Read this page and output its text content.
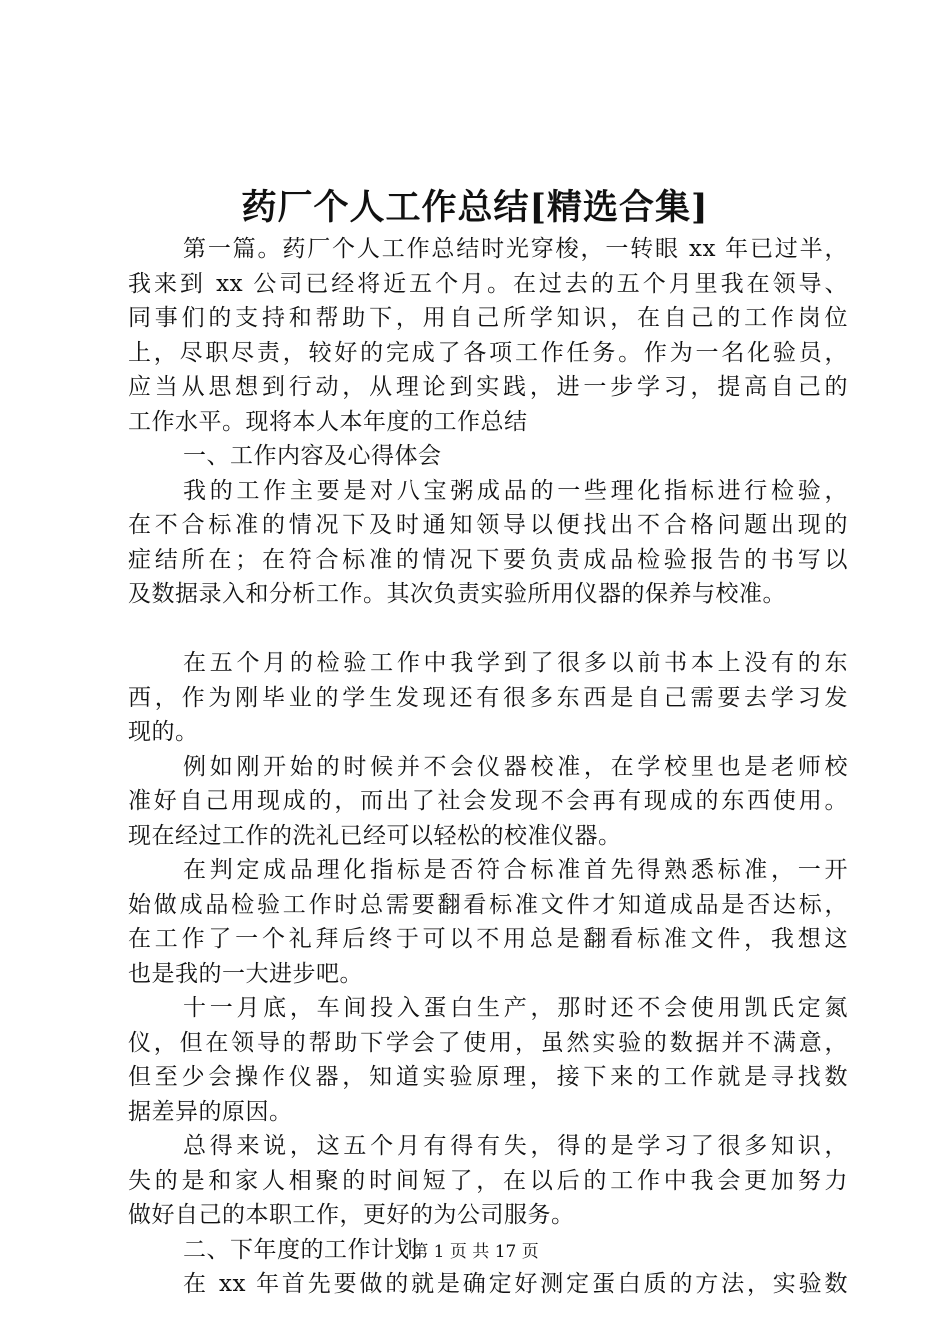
药厂个人工作总结[精选合集]
第一篇。药厂个人工作总结时光穿梭，一转眼 xx 年已过半，
我来到 xx 公司已经将近五个月。在过去的五个月里我在领导、
同事们的支持和帮助下，用自己所学知识，在自己的工作岗位
上，尽职尽责，较好的完成了各项工作任务。作为一名化验员，
应当从思想到行动，从理论到实践，进一步学习，提高自己的
工作水平。现将本人本年度的工作总结
一、工作内容及心得体会
我的工作主要是对八宝粥成品的一些理化指标进行检验，
在不合标准的情况下及时通知领导以便找出不合格问题出现的
症结所在；在符合标准的情况下要负责成品检验报告的书写以
及数据录入和分析工作。其次负责实验所用仪器的保养与校准。
在五个月的检验工作中我学到了很多以前书本上没有的东
西，作为刚毕业的学生发现还有很多东西是自己需要去学习发
现的。
例如刚开始的时候并不会仪器校准，在学校里也是老师校
准好自己用现成的，而出了社会发现不会再有现成的东西使用。
现在经过工作的洗礼已经可以轻松的校准仪器。
在判定成品理化指标是否符合标准首先得熟悉标准，一开
始做成品检验工作时总需要翻看标准文件才知道成品是否达标，
在工作了一个礼拜后终于可以不用总是翻看标准文件，我想这
也是我的一大进步吧。
十一月底，车间投入蛋白生产，那时还不会使用凯氏定氮
仪，但在领导的帮助下学会了使用，虽然实验的数据并不满意，
但至少会操作仪器，知道实验原理，接下来的工作就是寻找数
据差异的原因。
总得来说，这五个月有得有失，得的是学习了很多知识，
失的是和家人相聚的时间短了，在以后的工作中我会更加努力
做好自己的本职工作，更好的为公司服务。
二、下年度的工作计划
在 xx 年首先要做的就是确定好测定蛋白质的方法，实验数
第 1 页 共 17 页
